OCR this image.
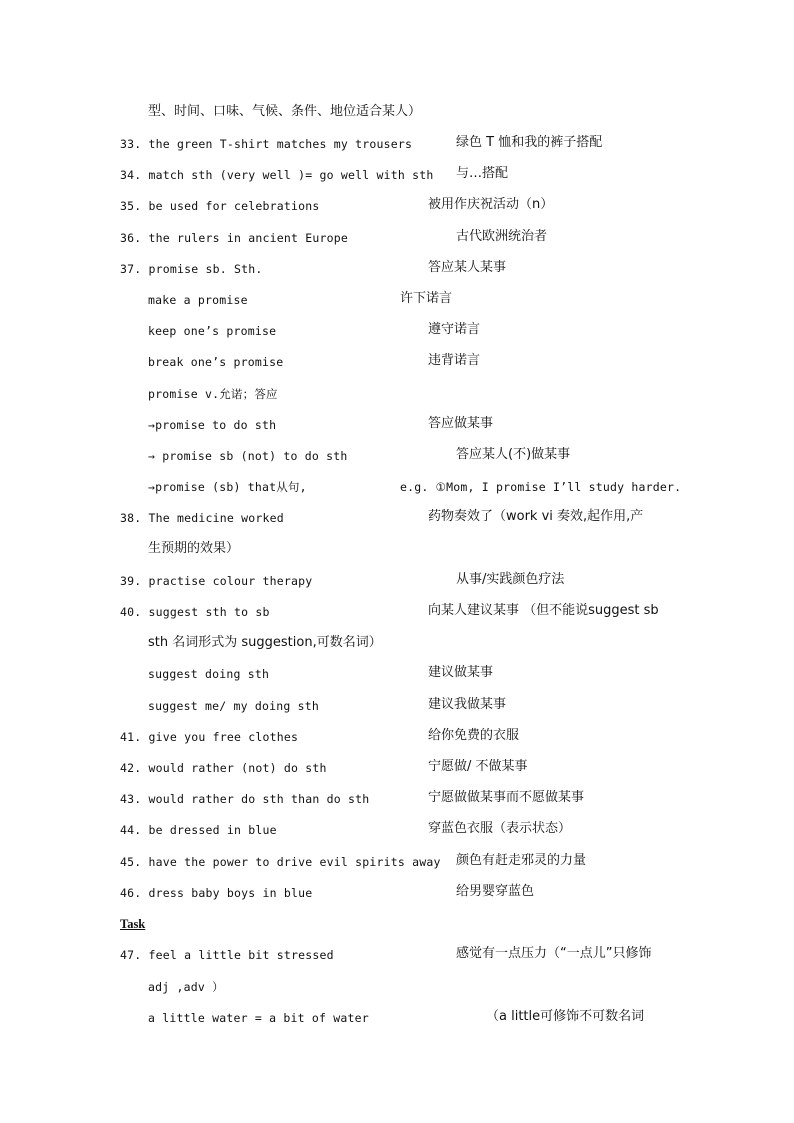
型、时间、口味、气候、条件、地位适合某人）
33. the green T-shirt matches my trousers	绿色 T 恤和我的裤子搭配
34. match sth (very well )= go well with sth 与…搭配
35. be used for celebrations	被用作庆祝活动（n）
36. the rulers in ancient Europe	古代欧洲统治者
37. promise sb. Sth.	答应某人某事
make a promise	许下诺言
keep one’s promise	遵守诺言
break one’s promise	违背诺言
promise v.允诺；答应
→promise to do sth	答应做某事
→ promise sb (not) to do sth	答应某人(不)做某事
→promise (sb) that从句,	e.g. ①Mom, I promise I’ll study harder.
38. The medicine worked	药物奏效了（work vi 奏效,起作用,产
生预期的效果）
39. practise colour therapy	从事/实践颜色疗法
40. suggest sth to sb	向某人建议某事 （但不能说suggest sb
sth 名词形式为 suggestion,可数名词）
suggest doing sth	建议做某事
suggest me/ my doing sth	建议我做某事
41. give you free clothes	给你免费的衣服
42. would rather (not) do sth	宁愿做/ 不做某事
43. would rather do sth than do sth	宁愿做做某事而不愿做某事
44. be dressed in blue	穿蓝色衣服（表示状态）
45. have the power to drive evil spirits away 颜色有赶走邪灵的力量
46. dress baby boys in blue	给男婴穿蓝色
Task
47. feel a little bit stressed	感觉有一点压力（“一点儿”只修饰
adj ,adv ）
a little water = a bit of water	（a little可修饰不可数名词
